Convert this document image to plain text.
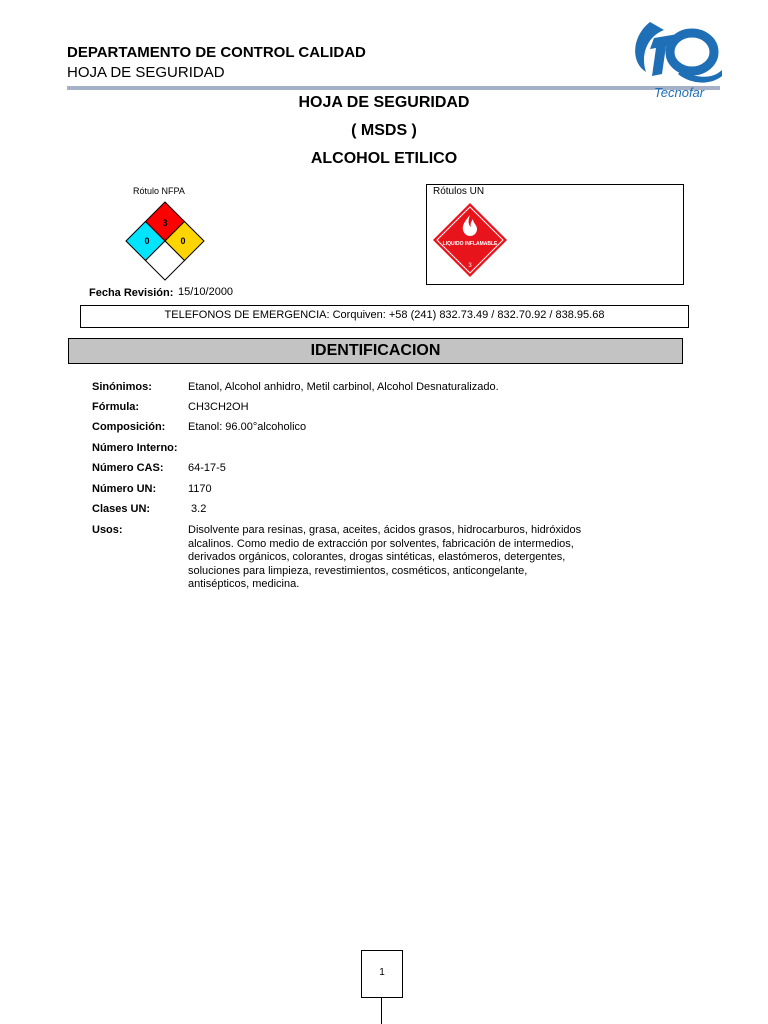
DEPARTAMENTO DE CONTROL CALIDAD
HOJA DE SEGURIDAD
Tecnofar
HOJA DE SEGURIDAD
( MSDS )
ALCOHOL ETILICO
Rótulo NFPA
3
0	0
Rótulos UN
LIQUIDO INFLAMABLE
3
Fecha Revisión: 15/10/2000
TELEFONOS DE EMERGENCIA: Corquiven: +58 (241) 832.73.49 / 832.70.92 / 838.95.68
IDENTIFICACION
Sinónimos:	Etanol, Alcohol anhidro, Metil carbinol, Alcohol Desnaturalizado.
Fórmula:	CH3CH2OH
Composición:	Etanol: 96.00°alcoholico
Número Interno:
Número CAS:	64-17-5
Número UN:	1170
Clases UN:	3.2
Usos:	Disolvente para resinas, grasa, aceites, ácidos grasos, hidrocarburos, hidróxidos alcalinos. Como medio de extracción por solventes, fabricación de intermedios, derivados orgánicos, colorantes, drogas sintéticas, elastómeros, detergentes, soluciones para limpieza, revestimientos, cosméticos, anticongelante, antisépticos, medicina.
1
